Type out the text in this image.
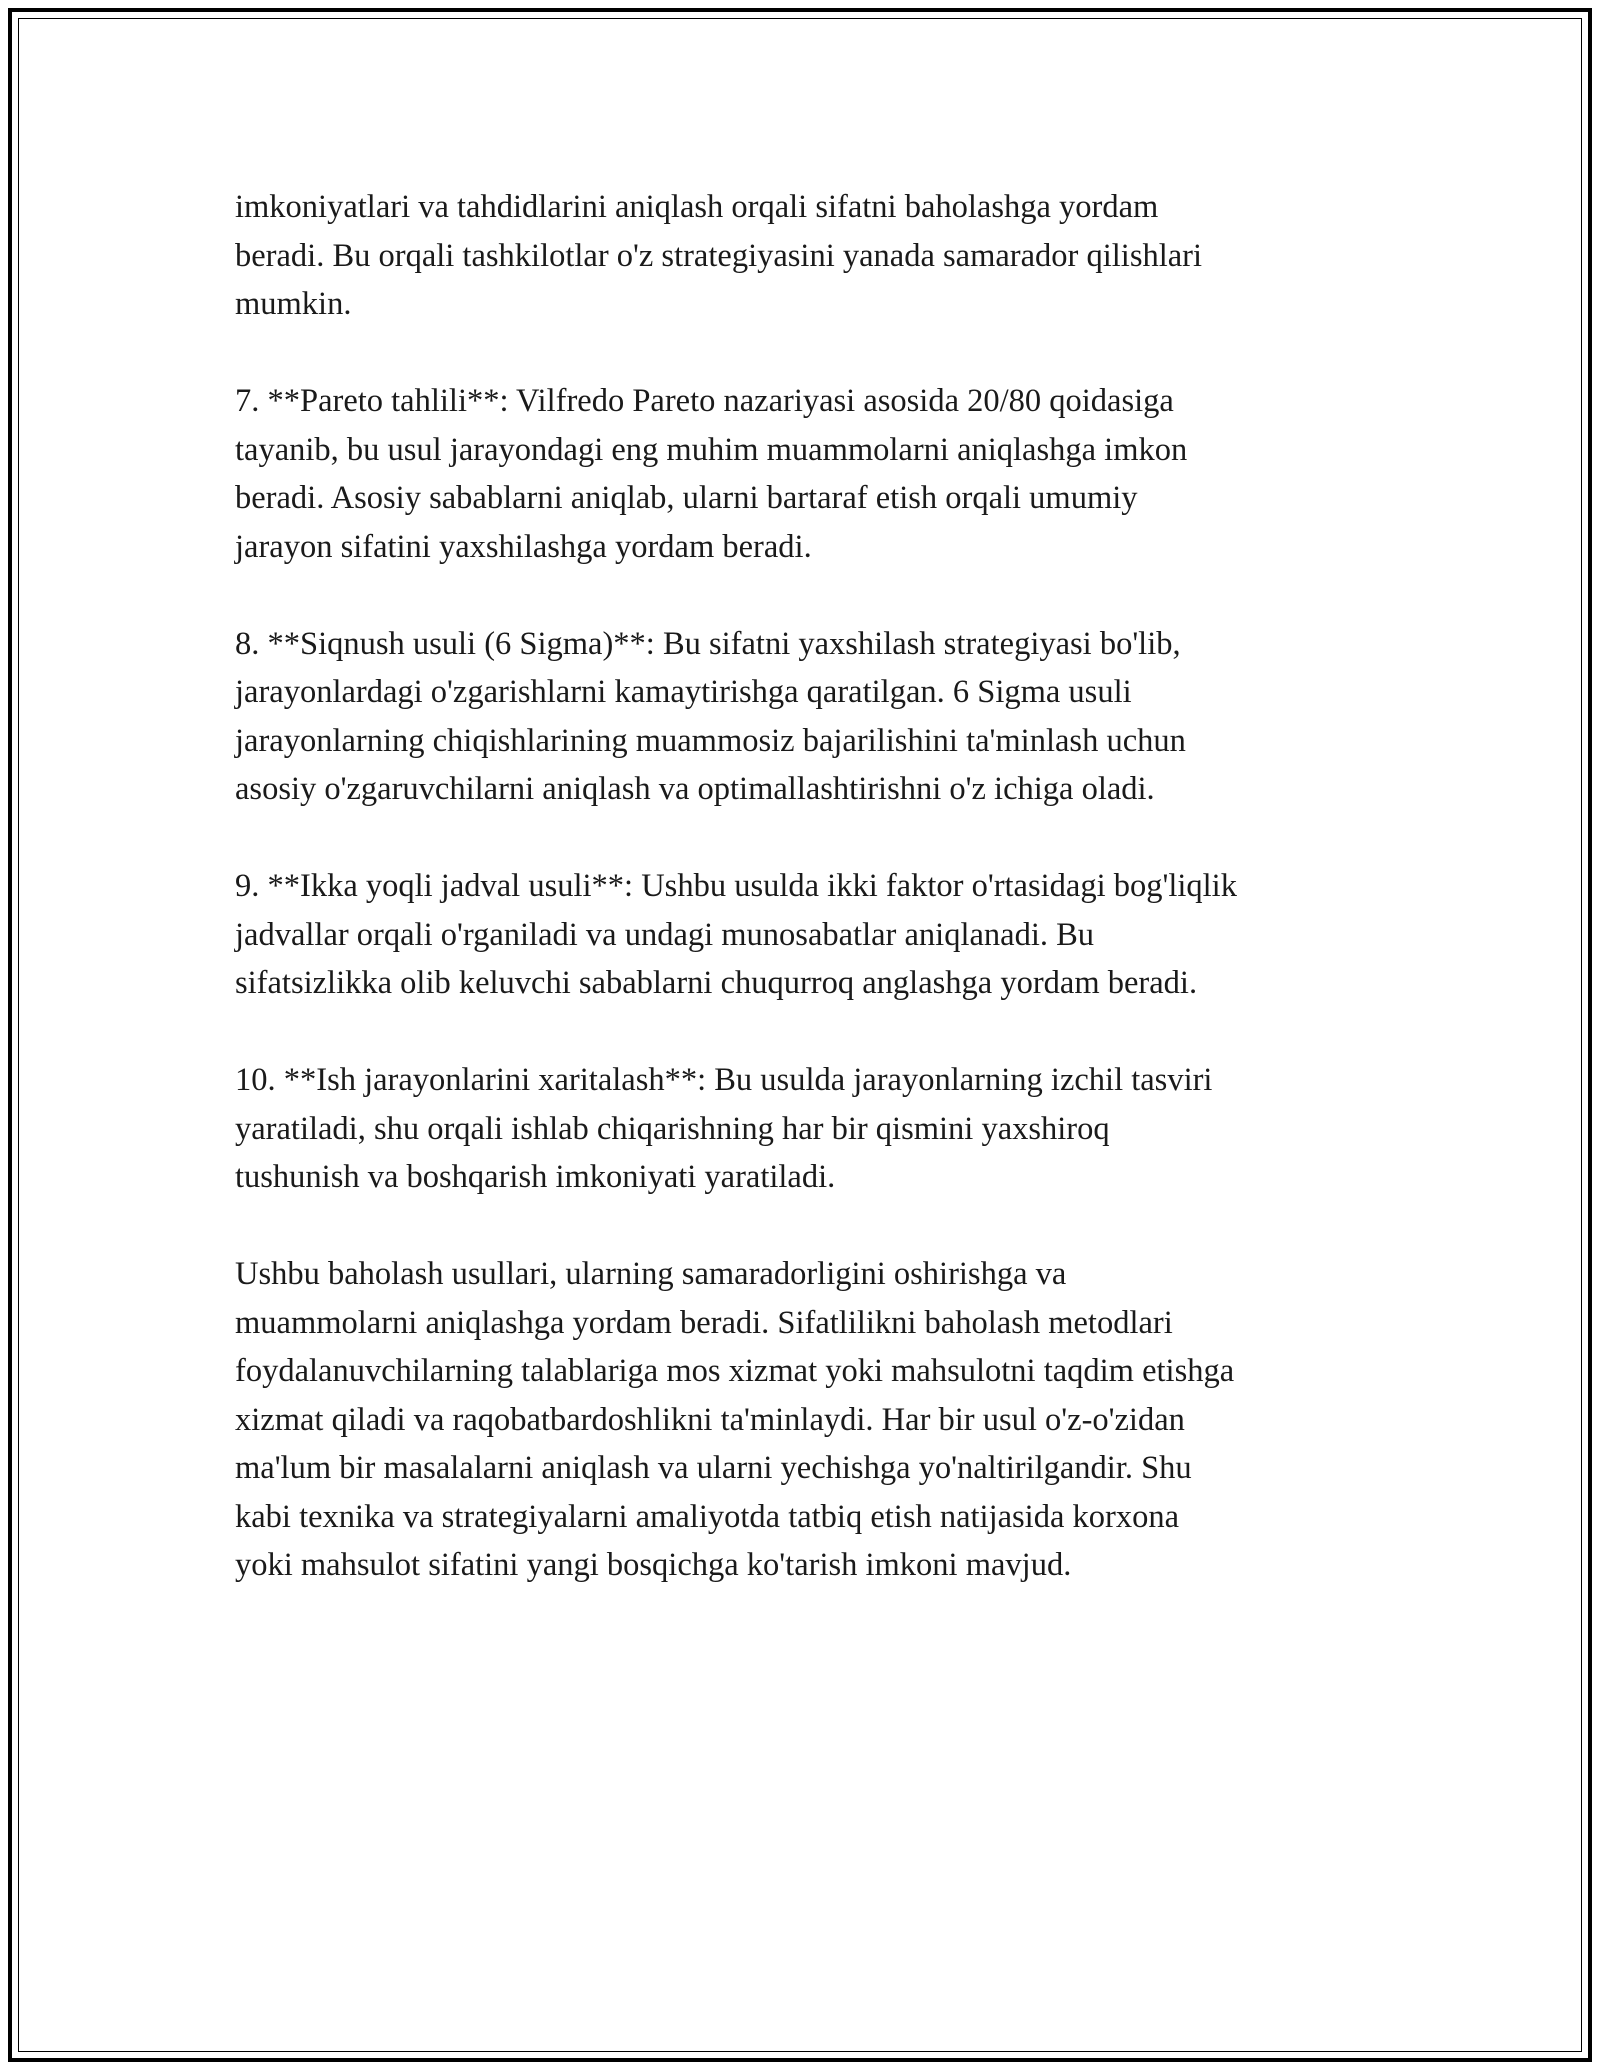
imkoniyatlari va tahdidlarini aniqlash orqali sifatni baholashga yordam
beradi. Bu orqali tashkilotlar o'z strategiyasini yanada samarador qilishlari
mumkin.

7. **Pareto tahlili**: Vilfredo Pareto nazariyasi asosida 20/80 qoidasiga
tayanib, bu usul jarayondagi eng muhim muammolarni aniqlashga imkon
beradi. Asosiy sabablarni aniqlab, ularni bartaraf etish orqali umumiy
jarayon sifatini yaxshilashga yordam beradi.

8. **Siqnush usuli (6 Sigma)**: Bu sifatni yaxshilash strategiyasi bo'lib,
jarayonlardagi o'zgarishlarni kamaytirishga qaratilgan. 6 Sigma usuli
jarayonlarning chiqishlarining muammosiz bajarilishini ta'minlash uchun
asosiy o'zgaruvchilarni aniqlash va optimallashtirishni o'z ichiga oladi.

9. **Ikka yoqli jadval usuli**: Ushbu usulda ikki faktor o'rtasidagi bog'liqlik
jadvallar orqali o'rganiladi va undagi munosabatlar aniqlanadi. Bu
sifatsizlikka olib keluvchi sabablarni chuqurroq anglashga yordam beradi.

10. **Ish jarayonlarini xaritalash**: Bu usulda jarayonlarning izchil tasviri
yaratiladi, shu orqali ishlab chiqarishning har bir qismini yaxshiroq
tushunish va boshqarish imkoniyati yaratiladi.

Ushbu baholash usullari, ularning samaradorligini oshirishga va
muammolarni aniqlashga yordam beradi. Sifatlilikni baholash metodlari
foydalanuvchilarning talablariga mos xizmat yoki mahsulotni taqdim etishga
xizmat qiladi va raqobatbardoshlikni ta'minlaydi. Har bir usul o'z-o'zidan
ma'lum bir masalalarni aniqlash va ularni yechishga yo'naltirilgandir. Shu
kabi texnika va strategiyalarni amaliyotda tatbiq etish natijasida korxona
yoki mahsulot sifatini yangi bosqichga ko'tarish imkoni mavjud.
